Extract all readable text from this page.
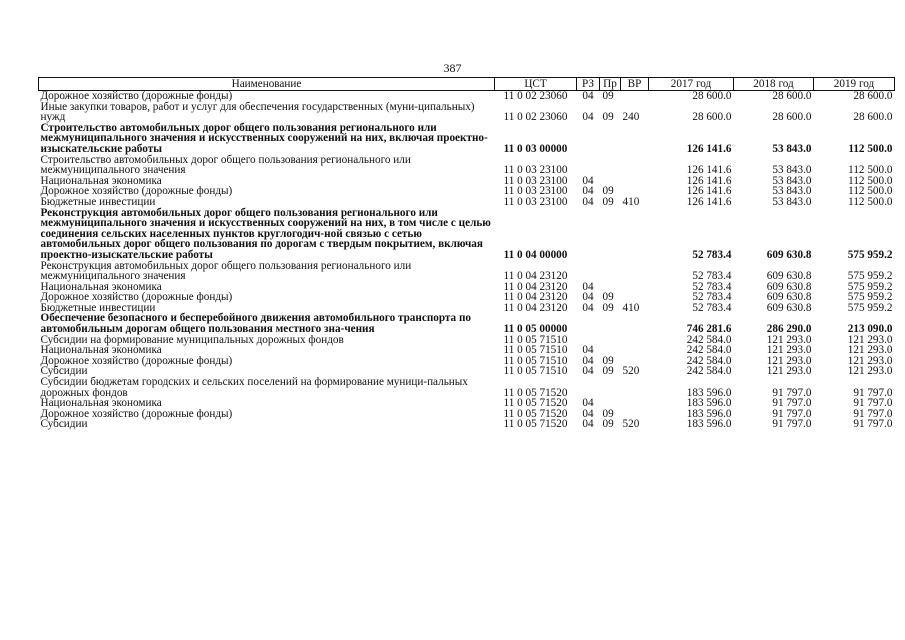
387
Наименование	ЦСТ	РЗ	Пр	ВР	2017 год	2018 год	2019 год
Дорожное хозяйство (дорожные фонды)	11 0 02 23060	04	09		28 600.0	28 600.0	28 600.0
Иные закупки товаров, работ и услуг для обеспечения государственных (муни-ципальных) нужд	11 0 02 23060	04	09	240	28 600.0	28 600.0	28 600.0
Строительство автомобильных дорог общего пользования регионального или межмуниципального значения и искусственных сооружений на них, включая проектно-изыскательские работы	11 0 03 00000				126 141.6	53 843.0	112 500.0
Строительство автомобильных дорог общего пользования регионального или межмуниципального значения	11 0 03 23100				126 141.6	53 843.0	112 500.0
Национальная экономика	11 0 03 23100	04			126 141.6	53 843.0	112 500.0
Дорожное хозяйство (дорожные фонды)	11 0 03 23100	04	09		126 141.6	53 843.0	112 500.0
Бюджетные инвестиции	11 0 03 23100	04	09	410	126 141.6	53 843.0	112 500.0
Реконструкция автомобильных дорог общего пользования регионального или межмуниципального значения и искусственных сооружений на них, в том числе с целью соединения сельских населенных пунктов круглогодич-ной связью с сетью автомобильных дорог общего пользования по дорогам с твердым покрытием, включая проектно-изыскательские работы	11 0 04 00000				52 783.4	609 630.8	575 959.2
Реконструкция автомобильных дорог общего пользования регионального или межмуниципального значения	11 0 04 23120				52 783.4	609 630.8	575 959.2
Национальная экономика	11 0 04 23120	04			52 783.4	609 630.8	575 959.2
Дорожное хозяйство (дорожные фонды)	11 0 04 23120	04	09		52 783.4	609 630.8	575 959.2
Бюджетные инвестиции	11 0 04 23120	04	09	410	52 783.4	609 630.8	575 959.2
Обеспечение безопасного и бесперебойного движения автомобильного транспорта по автомобильным дорогам общего пользования местного зна-чения	11 0 05 00000				746 281.6	286 290.0	213 090.0
Субсидии на формирование муниципальных дорожных фондов	11 0 05 71510				242 584.0	121 293.0	121 293.0
Национальная экономика	11 0 05 71510	04			242 584.0	121 293.0	121 293.0
Дорожное хозяйство (дорожные фонды)	11 0 05 71510	04	09		242 584.0	121 293.0	121 293.0
Субсидии	11 0 05 71510	04	09	520	242 584.0	121 293.0	121 293.0
Субсидии бюджетам городских и сельских поселений на формирование муници-пальных дорожных фондов	11 0 05 71520				183 596.0	91 797.0	91 797.0
Национальная экономика	11 0 05 71520	04			183 596.0	91 797.0	91 797.0
Дорожное хозяйство (дорожные фонды)	11 0 05 71520	04	09		183 596.0	91 797.0	91 797.0
Субсидии	11 0 05 71520	04	09	520	183 596.0	91 797.0	91 797.0
